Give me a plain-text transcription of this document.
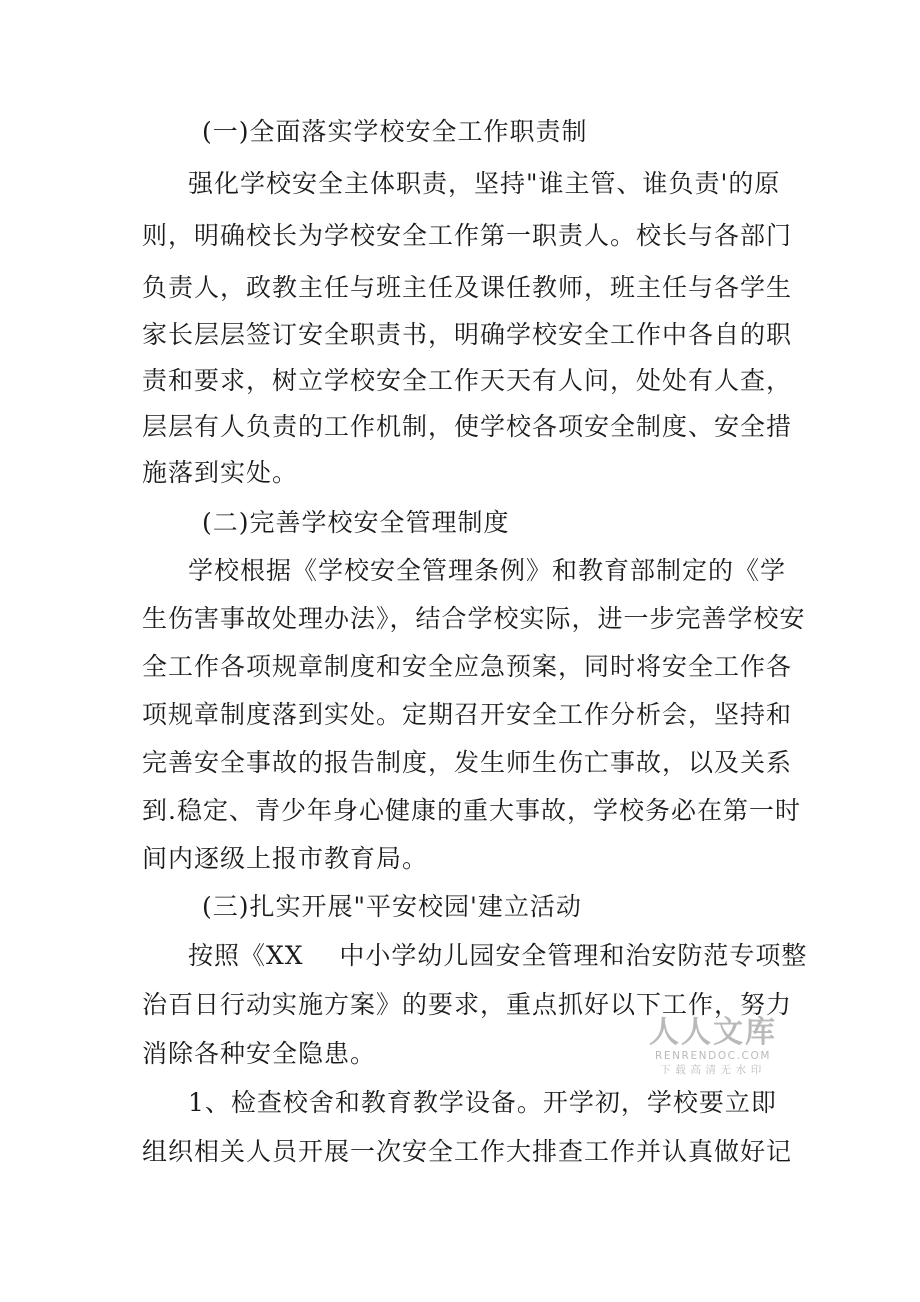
(一)全面落实学校安全工作职责制
强化学校安全主体职责，坚持"谁主管、谁负责'的原
则，明确校长为学校安全工作第一职责人。校长与各部门
负责人，政教主任与班主任及课任教师，班主任与各学生
家长层层签订安全职责书，明确学校安全工作中各自的职
责和要求，树立学校安全工作天天有人问，处处有人查，
层层有人负责的工作机制，使学校各项安全制度、安全措
施落到实处。
(二)完善学校安全管理制度
学校根据《学校安全管理条例》和教育部制定的《学
生伤害事故处理办法》，结合学校实际，进一步完善学校安
全工作各项规章制度和安全应急预案，同时将安全工作各
项规章制度落到实处。定期召开安全工作分析会，坚持和
完善安全事故的报告制度，发生师生伤亡事故，以及关系
到.稳定、青少年身心健康的重大事故，学校务必在第一时
间内逐级上报市教育局。
(三)扎实开展"平安校园'建立活动
按照《XX    中小学幼儿园安全管理和治安防范专项整
治百日行动实施方案》的要求，重点抓好以下工作，努力
消除各种安全隐患。
1、检查校舍和教育教学设备。开学初，学校要立即
组织相关人员开展一次安全工作大排查工作并认真做好记
人人文库
RENRENDOC.COM
下载高清无水印
